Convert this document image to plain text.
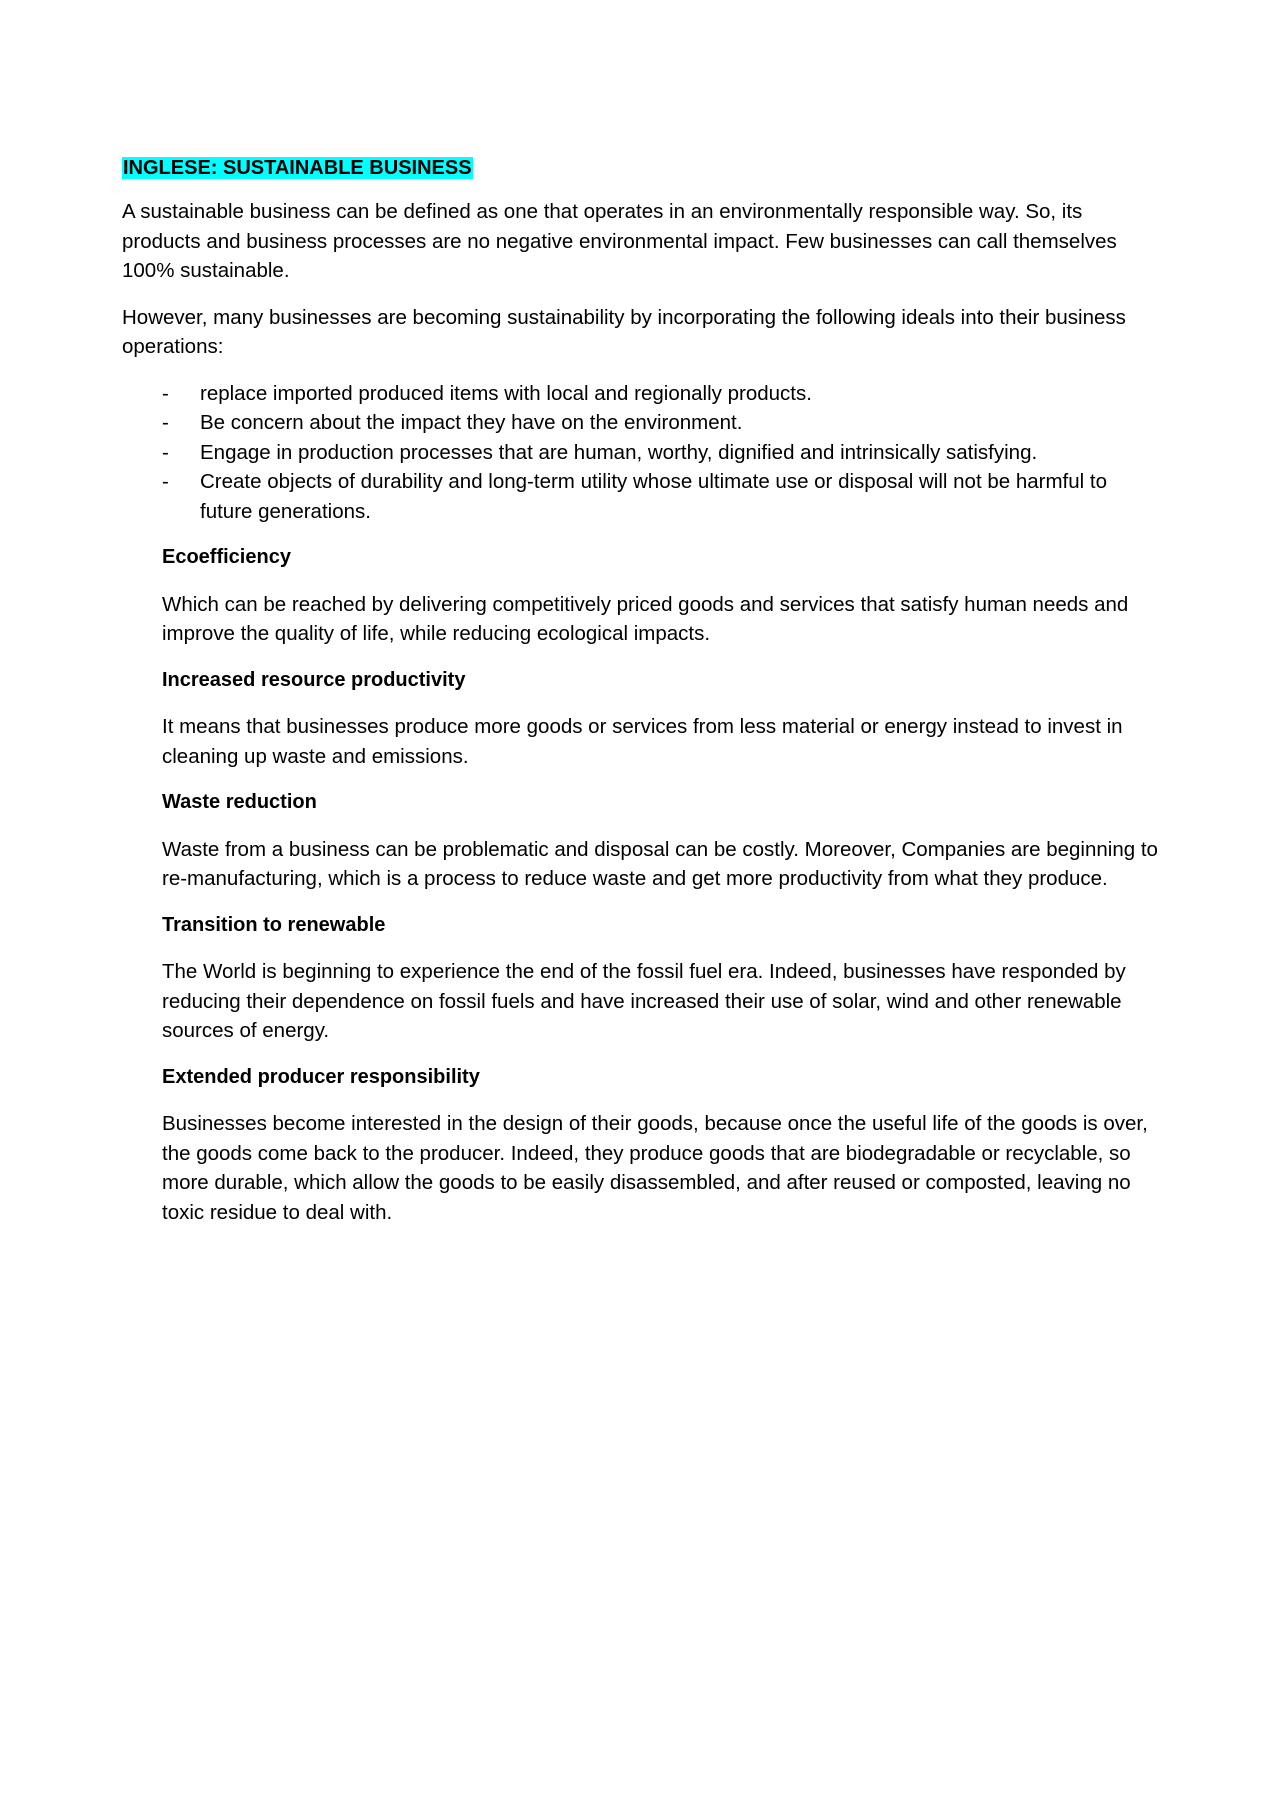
INGLESE: SUSTAINABLE BUSINESS

A sustainable business can be defined as one that operates in an environmentally responsible way. So, its products and business processes are no negative environmental impact. Few businesses can call themselves 100% sustainable.

However, many businesses are becoming sustainability by incorporating the following ideals into their business operations:

- replace imported produced items with local and regionally products.
- Be concern about the impact they have on the environment.
- Engage in production processes that are human, worthy, dignified and intrinsically satisfying.
- Create objects of durability and long-term utility whose ultimate use or disposal will not be harmful to future generations.
Ecoefficiency

Which can be reached by delivering competitively priced goods and services that satisfy human needs and improve the quality of life, while reducing ecological impacts.

Increased resource productivity

It means that businesses produce more goods or services from less material or energy instead to invest in cleaning up waste and emissions.

Waste reduction

Waste from a business can be problematic and disposal can be costly. Moreover, Companies are beginning to re-manufacturing, which is a process to reduce waste and get more productivity from what they produce.

Transition to renewable

The World is beginning to experience the end of the fossil fuel era. Indeed, businesses have responded by reducing their dependence on fossil fuels and have increased their use of solar, wind and other renewable sources of energy.

Extended producer responsibility

Businesses become interested in the design of their goods, because once the useful life of the goods is over, the goods come back to the producer. Indeed, they produce goods that are biodegradable or recyclable, so more durable, which allow the goods to be easily disassembled, and after reused or composted, leaving no toxic residue to deal with.
